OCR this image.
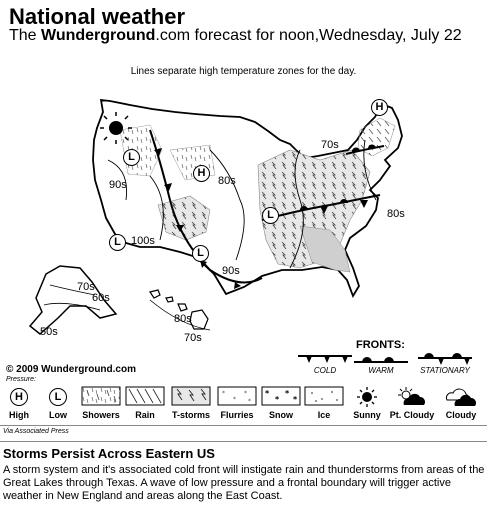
National weather
The Wunderground.com forecast for noon,Wednesday, July 22
Lines separate high temperature zones for the day.
70s
80s
90s	80s
100s
90s
80s
70s
60s
50s	70s
H
L
H
L
L
L
© 2009 Wunderground.com
FRONTS:
COLD	WARM	STATIONARY
Pressure:
H
High
L
Low	Showers	Rain	T-storms
*
*
*
*
Flurries
*
*
*
*
Snow	Ice	Sunny	Pt. Cloudy	Cloudy
Via Associated Press
Storms Persist Across Eastern US
A storm system and it's associated cold front will instigate rain and thunderstorms from areas of the Great Lakes through Texas. A wave of low pressure and a frontal boundary will trigger active weather in New England and areas along the East Coast.
